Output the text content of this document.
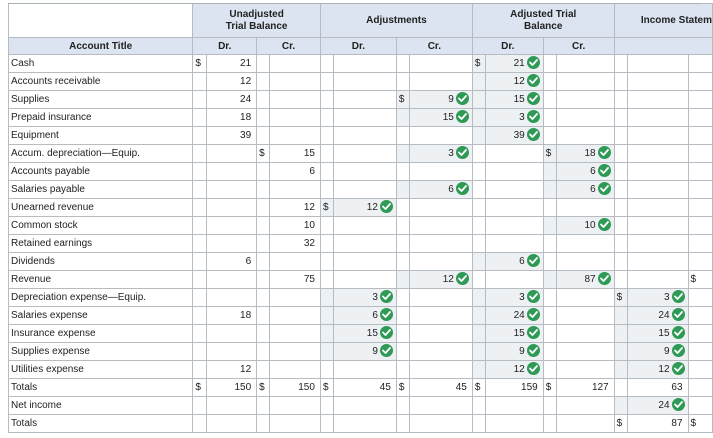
	Unadjusted Trial Balance				Adjustments				Adjusted Trial Balance				Income Statem		
Account Title	Dr.		Cr.		Dr.		Cr.		Dr.		Cr.				
Cash	$	21							$	21

Accounts receivable		12								12

Supplies		24					$	9		15

Prepaid insurance		18						15		3

Equipment		39								39

Accum. depreciation—Equip.			$	15				3			$	18

Accounts payable				6								6

Salaries payable								6				6

Unearned revenue				12	$	12

Common stock				10								10

Retained earnings				32											
Dividends		6								6

Revenue				75				12				87			$
Depreciation expense—Equip.						3				3			$	3

Salaries expense		18				6				24				24

Insurance expense						15				15				15

Supplies expense						9				9				9

Utilities expense		12								12				12

Totals	$	150	$	150	$	45	$	45	$	159	$	127		63	
Net income														24

Totals													$	87	$
